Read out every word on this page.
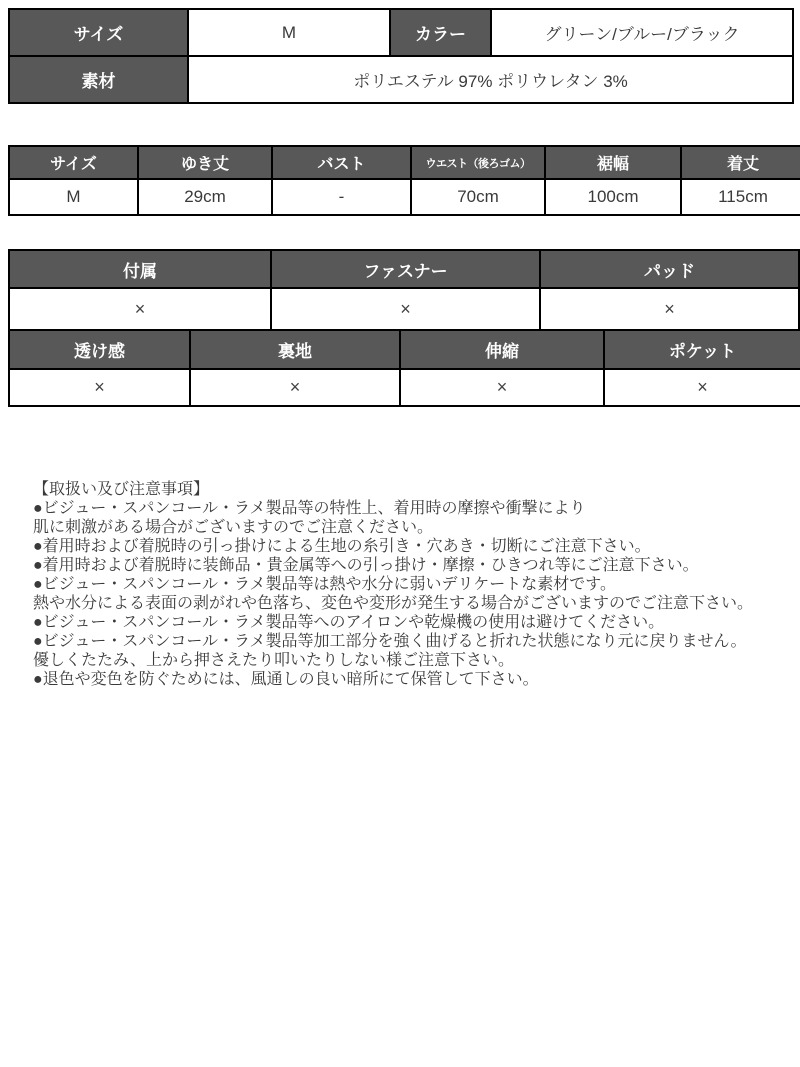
サイズ	M	カラー	グリーン/ブルー/ブラック
素材	ポリエステル 97% ポリウレタン 3%		
サイズ	ゆき丈	バスト	ウエスト（後ろゴム）	裾幅	着丈
M	29cm	-	70cm	100cm	115cm
付属	ファスナー	パッド
×	×	×
透け感	裏地	伸縮	ポケット
×	×	×	×
【取扱い及び注意事項】
●ビジュー・スパンコール・ラメ製品等の特性上、着用時の摩擦や衝撃により
肌に刺激がある場合がございますのでご注意ください。
●着用時および着脱時の引っ掛けによる生地の糸引き・穴あき・切断にご注意下さい。
●着用時および着脱時に装飾品・貴金属等への引っ掛け・摩擦・ひきつれ等にご注意下さい。
●ビジュー・スパンコール・ラメ製品等は熱や水分に弱いデリケートな素材です。
熱や水分による表面の剥がれや色落ち、変色や変形が発生する場合がございますのでご注意下さい。
●ビジュー・スパンコール・ラメ製品等へのアイロンや乾燥機の使用は避けてください。
●ビジュー・スパンコール・ラメ製品等加工部分を強く曲げると折れた状態になり元に戻りません。
優しくたたみ、上から押さえたり叩いたりしない様ご注意下さい。
●退色や変色を防ぐためには、風通しの良い暗所にて保管して下さい。
